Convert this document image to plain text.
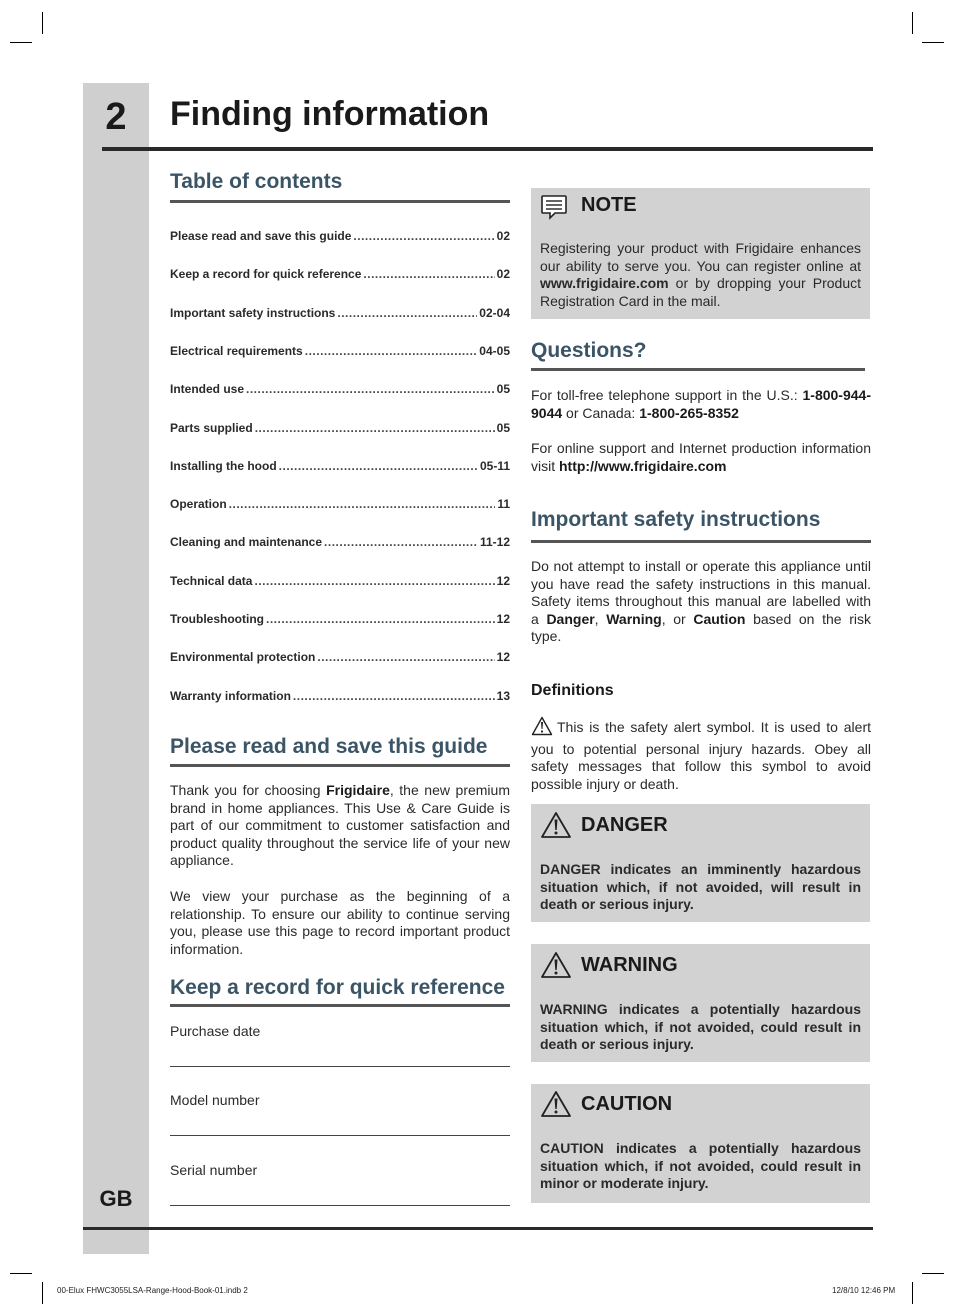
2	Finding information
Table of contents
Please read and save this guide .....	02
Keep a record for quick reference .....	02
Important safety instructions .....	02-04
Electrical requirements .....	04-05
Intended use .....	05
Parts supplied .....	05
Installing the hood .....	05-11
Operation .....	11
Cleaning and maintenance .....	11-12
Technical data .....	12
Troubleshooting .....	12
Environmental protection .....	12
Warranty information .....	13
Please read and save this guide

Thank you for choosing Frigidaire, the new premium brand in home appliances. This Use & Care Guide is part of our commitment to customer satisfaction and product quality throughout the service life of your new appliance.

We view your purchase as the beginning of a relationship. To ensure our ability to continue serving you, please use this page to record important product information.

Keep a record for quick reference
Purchase date
Model number
Serial number
NOTE

Registering your product with Frigidaire enhances our ability to serve you. You can register online at www.frigidaire.com or by dropping your Product Registration Card in the mail.

Questions?

For toll-free telephone support in the U.S.: 1-800-944-9044 or Canada: 1-800-265-8352

For online support and Internet production information visit http://www.frigidaire.com

Important safety instructions

Do not attempt to install or operate this appliance until you have read the safety instructions in this manual. Safety items throughout this manual are labelled with a Danger, Warning, or Caution based on the risk type.

Definitions

This is the safety alert symbol. It is used to alert you to potential personal injury hazards. Obey all safety messages that follow this symbol to avoid possible injury or death.

DANGER

DANGER indicates an imminently hazardous situation which, if not avoided, will result in death or serious injury.

WARNING

WARNING indicates a potentially hazardous situation which, if not avoided, could result in death or serious injury.

CAUTION

CAUTION indicates a potentially hazardous situation which, if not avoided, could result in minor or moderate injury.

GB
00-Elux FHWC3055LSA-Range-Hood-Book-01.indb 2	12/8/10 12:46 PM
